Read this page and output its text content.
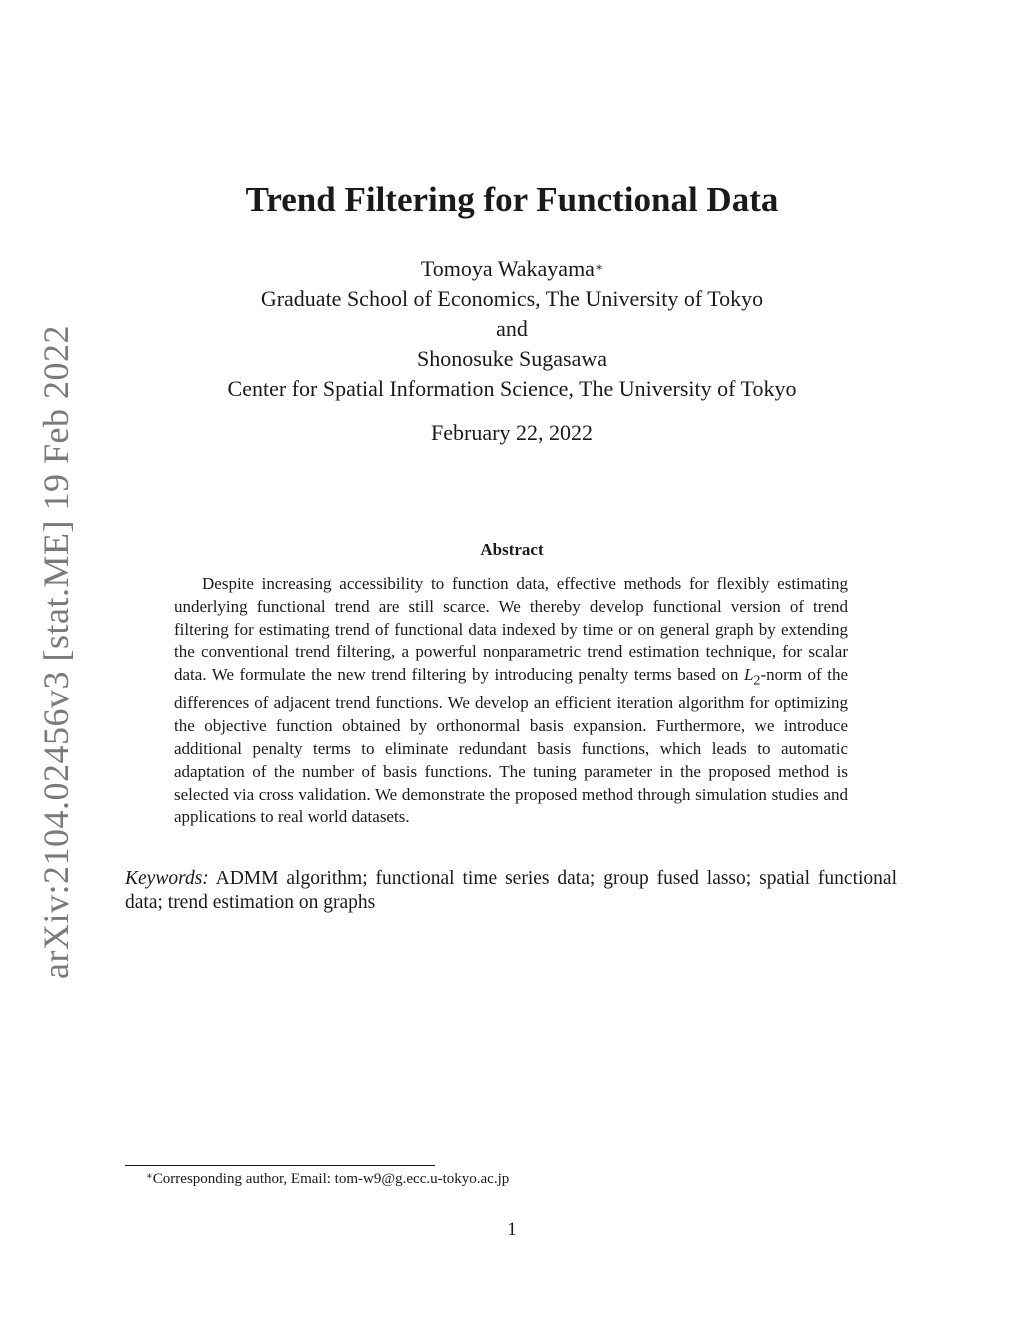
arXiv:2104.02456v3 [stat.ME] 19 Feb 2022
Trend Filtering for Functional Data
Tomoya Wakayama∗
Graduate School of Economics, The University of Tokyo
and
Shonosuke Sugasawa
Center for Spatial Information Science, The University of Tokyo
February 22, 2022
Abstract

Despite increasing accessibility to function data, effective methods for flexibly estimating underlying functional trend are still scarce. We thereby develop functional version of trend filtering for estimating trend of functional data indexed by time or on general graph by extending the conventional trend filtering, a powerful nonparametric trend estimation technique, for scalar data. We formulate the new trend filtering by introducing penalty terms based on $L_2$-norm of the differences of adjacent trend functions. We develop an efficient iteration algorithm for optimizing the objective function obtained by orthonormal basis expansion. Furthermore, we introduce additional penalty terms to eliminate redundant basis functions, which leads to automatic adaptation of the number of basis functions. The tuning parameter in the proposed method is selected via cross validation. We demonstrate the proposed method through simulation studies and applications to real world datasets.

Keywords: ADMM algorithm; functional time series data; group fused lasso; spatial functional data; trend estimation on graphs

∗Corresponding author, Email: tom-w9@g.ecc.u-tokyo.ac.jp
1
